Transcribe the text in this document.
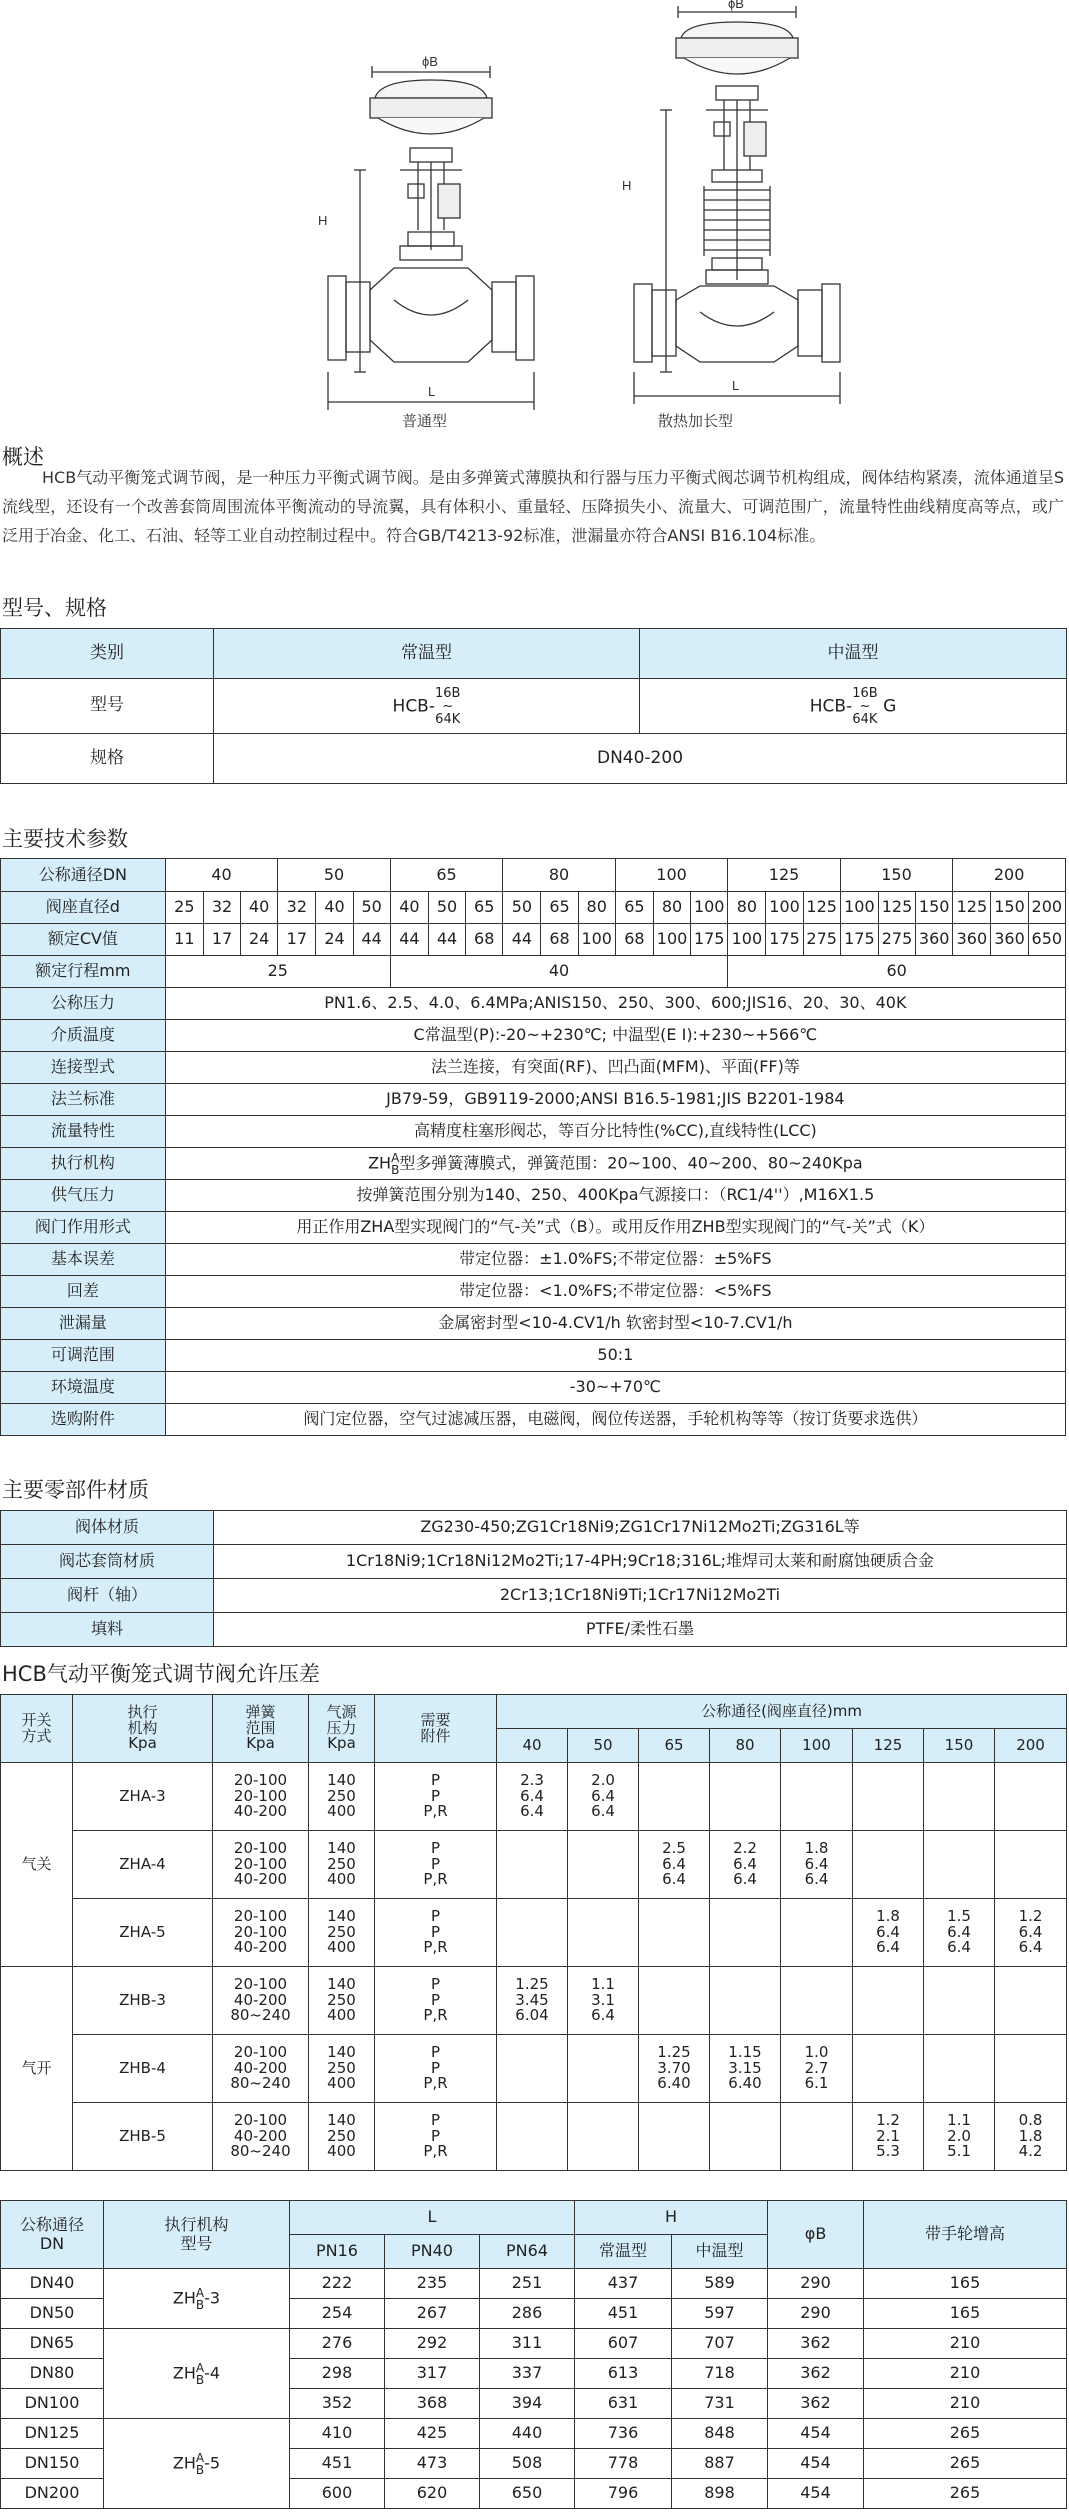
ϕB
ϕB
H
H
L	L
普通型	散热加长型
概述
HCB气动平衡笼式调节阀，是一种压力平衡式调节阀。是由多弹簧式薄膜执和行器与压力平衡式阀芯调节机构组成，阀体结构紧凑，流体通道呈S流线型，还设有一个改善套筒周围流体平衡流动的导流翼，具有体积小、重量轻、压降损失小、流量大、可调范围广，流量特性曲线精度高等点，或广泛用于冶金、化工、石油、轻等工业自动控制过程中。符合GB/T4213-92标准，泄漏量亦符合ANSI B16.104标准。
型号、规格
类别	常温型	中温型
型号	HCB-16B
~
64K	HCB-16B
~
64K G
规格	DN40-200	
主要技术参数
公称通径DN	40			50			65			80			100			125			150			200		
阀座直径d	25	32	40	32	40	50	40	50	65	50	65	80	65	80	100	80	100	125	100	125	150	125	150	200
额定CV值	11	17	24	17	24	44	44	44	68	44	68	100	68	100	175	100	175	275	175	275	360	360	360	650
额定行程mm	25						40									60								
公称压力	PN1.6、2.5、4.0、6.4MPa;ANIS150、250、300、600;JIS16、20、30、40K																							
介质温度	C常温型(P):-20~+230℃; 中温型(E I):+230~+566℃																							
连接型式	法兰连接，有突面(RF)、凹凸面(MFM)、平面(FF)等																							
法兰标准	JB79-59，GB9119-2000;ANSI B16.5-1981;JIS B2201-1984																							
流量特性	高精度柱塞形阀芯，等百分比特性(%CC),直线特性(LCC)																							
执行机构	ZHA
B型多弹簧薄膜式，弹簧范围：20~100、40~200、80~240Kpa																							
供气压力	按弹簧范围分别为140、250、400Kpa气源接口：（RC1/4''）,M16X1.5																							
阀门作用形式	用正作用ZHA型实现阀门的“气-关”式（B）。或用反作用ZHB型实现阀门的“气-关”式（K）																							
基本误差	带定位器：±1.0%FS;不带定位器：±5%FS																							
回差	带定位器：<1.0%FS;不带定位器：<5%FS																							
泄漏量	金属密封型<10-4.CV1/h 软密封型<10-7.CV1/h																							
可调范围	50:1																							
环境温度	-30~+70℃																							
选购附件	阀门定位器，空气过滤减压器，电磁阀，阀位传送器，手轮机构等等（按订货要求选供）																							
主要零部件材质
阀体材质	ZG230-450;ZG1Cr18Ni9;ZG1Cr17Ni12Mo2Ti;ZG316L等
阀芯套筒材质	1Cr18Ni9;1Cr18Ni12Mo2Ti;17-4PH;9Cr18;316L;堆焊司太莱和耐腐蚀硬质合金
阀杆（轴）	2Cr13;1Cr18Ni9Ti;1Cr17Ni12Mo2Ti
填料	PTFE/柔性石墨
HCB气动平衡笼式调节阀允许压差
开关
方式	执行
机构
Kpa	弹簧
范围
Kpa	气源
压力
Kpa	需要
附件	公称通径(阀座直径)mm							
					40	50	65	80	100	125	150	200
气关	ZHA-3	20-100
20-100
40-200	140
250
400	P
P
P,R	2.3
6.4
6.4	2.0
6.4
6.4						
	ZHA-4	20-100
20-100
40-200	140
250
400	P
P
P,R			2.5
6.4
6.4	2.2
6.4
6.4	1.8
6.4
6.4			
	ZHA-5	20-100
20-100
40-200	140
250
400	P
P
P,R						1.8
6.4
6.4	1.5
6.4
6.4	1.2
6.4
6.4
气开	ZHB-3	20-100
40-200
80~240	140
250
400	P
P
P,R	1.25
3.45
6.04	1.1
3.1
6.4						
	ZHB-4	20-100
40-200
80~240	140
250
400	P
P
P,R			1.25
3.70
6.40	1.15
3.15
6.40	1.0
2.7
6.1			
	ZHB-5	20-100
40-200
80~240	140
250
400	P
P
P,R						1.2
2.1
5.3	1.1
2.0
5.1	0.8
1.8
4.2
公称通径
DN	执行机构
型号	L			H		φB	带手轮增高
		PN16	PN40	PN64	常温型	中温型		
DN40	ZHA
B-3	222	235	251	437	589	290	165
DN50		254	267	286	451	597	290	165
DN65	ZHA
B-4	276	292	311	607	707	362	210
DN80		298	317	337	613	718	362	210
DN100		352	368	394	631	731	362	210
DN125	ZHA
B-5	410	425	440	736	848	454	265
DN150		451	473	508	778	887	454	265
DN200		600	620	650	796	898	454	265
